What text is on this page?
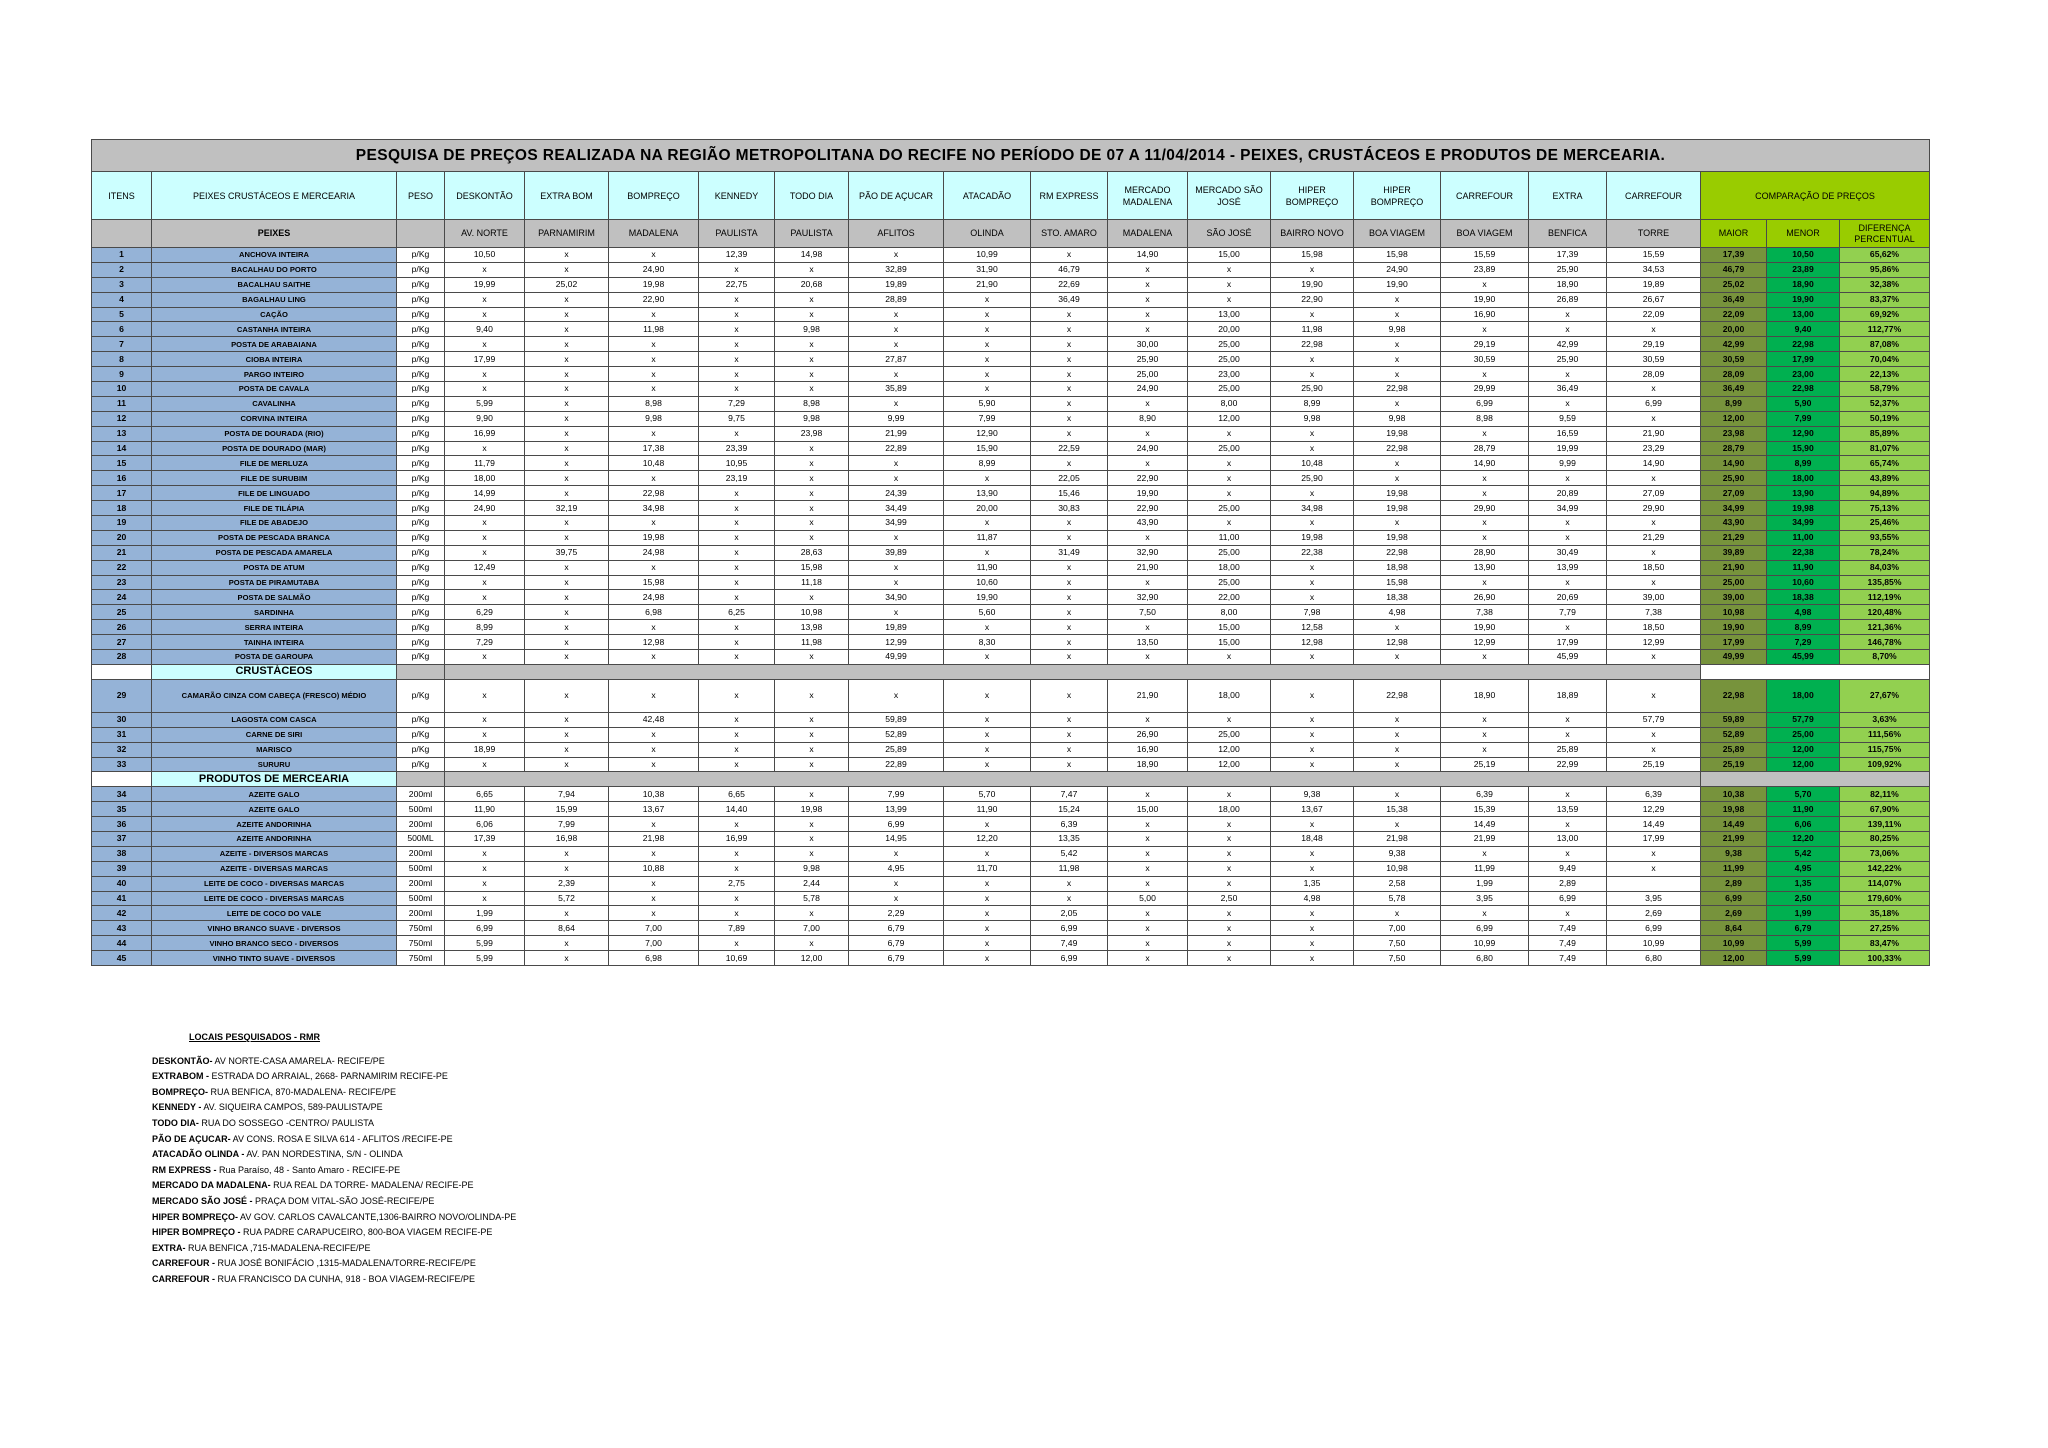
PESQUISA DE PREÇOS REALIZADA NA REGIÃO METROPOLITANA DO RECIFE NO PERÍODO DE 07 A 11/04/2014 - PEIXES, CRUSTÁCEOS E PRODUTOS DE MERCEARIA.																				
ITENS	PEIXES CRUSTÁCEOS E MERCEARIA	PESO	DESKONTÃO	EXTRA BOM	BOMPREÇO	KENNEDY	TODO DIA	PÃO DE AÇUCAR	ATACADÃO	RM EXPRESS	MERCADO MADALENA	MERCADO SÃO JOSÉ	HIPER BOMPREÇO	HIPER BOMPREÇO	CARREFOUR	EXTRA	CARREFOUR	COMPARAÇÃO DE PREÇOS		
	PEIXES		AV. NORTE	PARNAMIRIM	MADALENA	PAULISTA	PAULISTA	AFLITOS	OLINDA	STO. AMARO	MADALENA	SÃO JOSÉ	BAIRRO NOVO	BOA VIAGEM	BOA VIAGEM	BENFICA	TORRE	MAIOR	MENOR	DIFERENÇA PERCENTUAL
1	ANCHOVA INTEIRA	p/Kg	10,50	x	x	12,39	14,98	x	10,99	x	14,90	15,00	15,98	15,98	15,59	17,39	15,59	17,39	10,50	65,62%
2	BACALHAU DO PORTO	p/Kg	x	x	24,90	x	x	32,89	31,90	46,79	x	x	x	24,90	23,89	25,90	34,53	46,79	23,89	95,86%
3	BACALHAU SAITHE	p/Kg	19,99	25,02	19,98	22,75	20,68	19,89	21,90	22,69	x	x	19,90	19,90	x	18,90	19,89	25,02	18,90	32,38%
4	BAGALHAU LING	p/Kg	x	x	22,90	x	x	28,89	x	36,49	x	x	22,90	x	19,90	26,89	26,67	36,49	19,90	83,37%
5	CAÇÃO	p/Kg	x	x	x	x	x	x	x	x	x	13,00	x	x	16,90	x	22,09	22,09	13,00	69,92%
6	CASTANHA INTEIRA	p/Kg	9,40	x	11,98	x	9,98	x	x	x	x	20,00	11,98	9,98	x	x	x	20,00	9,40	112,77%
7	POSTA DE ARABAIANA	p/Kg	x	x	x	x	x	x	x	x	30,00	25,00	22,98	x	29,19	42,99	29,19	42,99	22,98	87,08%
8	CIOBA INTEIRA	p/Kg	17,99	x	x	x	x	27,87	x	x	25,90	25,00	x	x	30,59	25,90	30,59	30,59	17,99	70,04%
9	PARGO INTEIRO	p/Kg	x	x	x	x	x	x	x	x	25,00	23,00	x	x	x	x	28,09	28,09	23,00	22,13%
10	POSTA DE CAVALA	p/Kg	x	x	x	x	x	35,89	x	x	24,90	25,00	25,90	22,98	29,99	36,49	x	36,49	22,98	58,79%
11	CAVALINHA	p/Kg	5,99	x	8,98	7,29	8,98	x	5,90	x	x	8,00	8,99	x	6,99	x	6,99	8,99	5,90	52,37%
12	CORVINA INTEIRA	p/Kg	9,90	x	9,98	9,75	9,98	9,99	7,99	x	8,90	12,00	9,98	9,98	8,98	9,59	x	12,00	7,99	50,19%
13	POSTA DE DOURADA (RIO)	p/Kg	16,99	x	x	x	23,98	21,99	12,90	x	x	x	x	19,98	x	16,59	21,90	23,98	12,90	85,89%
14	POSTA DE DOURADO (MAR)	p/Kg	x	x	17,38	23,39	x	22,89	15,90	22,59	24,90	25,00	x	22,98	28,79	19,99	23,29	28,79	15,90	81,07%
15	FILE DE MERLUZA	p/Kg	11,79	x	10,48	10,95	x	x	8,99	x	x	x	10,48	x	14,90	9,99	14,90	14,90	8,99	65,74%
16	FILE DE SURUBIM	p/Kg	18,00	x	x	23,19	x	x	x	22,05	22,90	x	25,90	x	x	x	x	25,90	18,00	43,89%
17	FILE DE LINGUADO	p/Kg	14,99	x	22,98	x	x	24,39	13,90	15,46	19,90	x	x	19,98	x	20,89	27,09	27,09	13,90	94,89%
18	FILE DE TILÁPIA	p/Kg	24,90	32,19	34,98	x	x	34,49	20,00	30,83	22,90	25,00	34,98	19,98	29,90	34,99	29,90	34,99	19,98	75,13%
19	FILE DE ABADEJO	p/Kg	x	x	x	x	x	34,99	x	x	43,90	x	x	x	x	x	x	43,90	34,99	25,46%
20	POSTA DE PESCADA BRANCA	p/Kg	x	x	19,98	x	x	x	11,87	x	x	11,00	19,98	19,98	x	x	21,29	21,29	11,00	93,55%
21	POSTA DE PESCADA AMARELA	p/Kg	x	39,75	24,98	x	28,63	39,89	x	31,49	32,90	25,00	22,38	22,98	28,90	30,49	x	39,89	22,38	78,24%
22	POSTA DE ATUM	p/Kg	12,49	x	x	x	15,98	x	11,90	x	21,90	18,00	x	18,98	13,90	13,99	18,50	21,90	11,90	84,03%
23	POSTA DE PIRAMUTABA	p/Kg	x	x	15,98	x	11,18	x	10,60	x	x	25,00	x	15,98	x	x	x	25,00	10,60	135,85%
24	POSTA DE SALMÃO	p/Kg	x	x	24,98	x	x	34,90	19,90	x	32,90	22,00	x	18,38	26,90	20,69	39,00	39,00	18,38	112,19%
25	SARDINHA	p/Kg	6,29	x	6,98	6,25	10,98	x	5,60	x	7,50	8,00	7,98	4,98	7,38	7,79	7,38	10,98	4,98	120,48%
26	SERRA INTEIRA	p/Kg	8,99	x	x	x	13,98	19,89	x	x	x	15,00	12,58	x	19,90	x	18,50	19,90	8,99	121,36%
27	TAINHA INTEIRA	p/Kg	7,29	x	12,98	x	11,98	12,99	8,30	x	13,50	15,00	12,98	12,98	12,99	17,99	12,99	17,99	7,29	146,78%
28	POSTA DE GAROUPA	p/Kg	x	x	x	x	x	49,99	x	x	x	x	x	x	x	45,99	x	49,99	45,99	8,70%
	CRUSTÁCEOS																			
29	CAMARÃO CINZA COM CABEÇA (FRESCO) MÉDIO	p/Kg	x	x	x	x	x	x	x	x	21,90	18,00	x	22,98	18,90	18,89	x	22,98	18,00	27,67%
30	LAGOSTA COM CASCA	p/Kg	x	x	42,48	x	x	59,89	x	x	x	x	x	x	x	x	57,79	59,89	57,79	3,63%
31	CARNE DE SIRI	p/Kg	x	x	x	x	x	52,89	x	x	26,90	25,00	x	x	x	x	x	52,89	25,00	111,56%
32	MARISCO	p/Kg	18,99	x	x	x	x	25,89	x	x	16,90	12,00	x	x	x	25,89	x	25,89	12,00	115,75%
33	SURURU	p/Kg	x	x	x	x	x	22,89	x	x	18,90	12,00	x	x	25,19	22,99	25,19	25,19	12,00	109,92%
	PRODUTOS DE MERCEARIA																			
34	AZEITE GALO	200ml	6,65	7,94	10,38	6,65	x	7,99	5,70	7,47	x	x	9,38	x	6,39	x	6,39	10,38	5,70	82,11%
35	AZEITE GALO	500ml	11,90	15,99	13,67	14,40	19,98	13,99	11,90	15,24	15,00	18,00	13,67	15,38	15,39	13,59	12,29	19,98	11,90	67,90%
36	AZEITE ANDORINHA	200ml	6,06	7,99	x	x	x	6,99	x	6,39	x	x	x	x	14,49	x	14,49	14,49	6,06	139,11%
37	AZEITE ANDORINHA	500ML	17,39	16,98	21,98	16,99	x	14,95	12,20	13,35	x	x	18,48	21,98	21,99	13,00	17,99	21,99	12,20	80,25%
38	AZEITE - DIVERSOS MARCAS	200ml	x	x	x	x	x	x	x	5,42	x	x	x	9,38	x	x	x	9,38	5,42	73,06%
39	AZEITE - DIVERSAS MARCAS	500ml	x	x	10,88	x	9,98	4,95	11,70	11,98	x	x	x	10,98	11,99	9,49	x	11,99	4,95	142,22%
40	LEITE DE COCO - DIVERSAS MARCAS	200ml	x	2,39	x	2,75	2,44	x	x	x	x	x	1,35	2,58	1,99	2,89		2,89	1,35	114,07%
41	LEITE DE COCO - DIVERSAS MARCAS	500ml	x	5,72	x	x	5,78	x	x	x	5,00	2,50	4,98	5,78	3,95	6,99	3,95	6,99	2,50	179,60%
42	LEITE DE COCO DO VALE	200ml	1,99	x	x	x	x	2,29	x	2,05	x	x	x	x	x	x	2,69	2,69	1,99	35,18%
43	VINHO BRANCO SUAVE - DIVERSOS	750ml	6,99	8,64	7,00	7,89	7,00	6,79	x	6,99	x	x	x	7,00	6,99	7,49	6,99	8,64	6,79	27,25%
44	VINHO BRANCO SECO - DIVERSOS	750ml	5,99	x	7,00	x	x	6,79	x	7,49	x	x	x	7,50	10,99	7,49	10,99	10,99	5,99	83,47%
45	VINHO TINTO SUAVE - DIVERSOS	750ml	5,99	x	6,98	10,69	12,00	6,79	x	6,99	x	x	x	7,50	6,80	7,49	6,80	12,00	5,99	100,33%
LOCAIS PESQUISADOS - RMR
DESKONTÃO- AV NORTE-CASA AMARELA- RECIFE/PE
EXTRABOM - ESTRADA DO ARRAIAL, 2668- PARNAMIRIM RECIFE-PE
BOMPREÇO- RUA BENFICA, 870-MADALENA- RECIFE/PE
KENNEDY - AV. SIQUEIRA CAMPOS, 589-PAULISTA/PE
TODO DIA- RUA DO SOSSEGO -CENTRO/ PAULISTA
PÃO DE AÇUCAR- AV CONS. ROSA E SILVA 614 - AFLITOS /RECIFE-PE
ATACADÃO OLINDA - AV. PAN NORDESTINA, S/N - OLINDA
RM EXPRESS - Rua Paraíso, 48 - Santo Amaro - RECIFE-PE
MERCADO DA MADALENA- RUA REAL DA TORRE- MADALENA/ RECIFE-PE
MERCADO SÃO JOSÉ - PRAÇA DOM VITAL-SÃO JOSÉ-RECIFE/PE
HIPER BOMPREÇO- AV GOV. CARLOS CAVALCANTE,1306-BAIRRO NOVO/OLINDA-PE
HIPER BOMPREÇO - RUA PADRE CARAPUCEIRO, 800-BOA VIAGEM RECIFE-PE
EXTRA- RUA BENFICA ,715-MADALENA-RECIFE/PE
CARREFOUR - RUA JOSÉ BONIFÁCIO ,1315-MADALENA/TORRE-RECIFE/PE
CARREFOUR - RUA FRANCISCO DA CUNHA, 918 - BOA VIAGEM-RECIFE/PE
